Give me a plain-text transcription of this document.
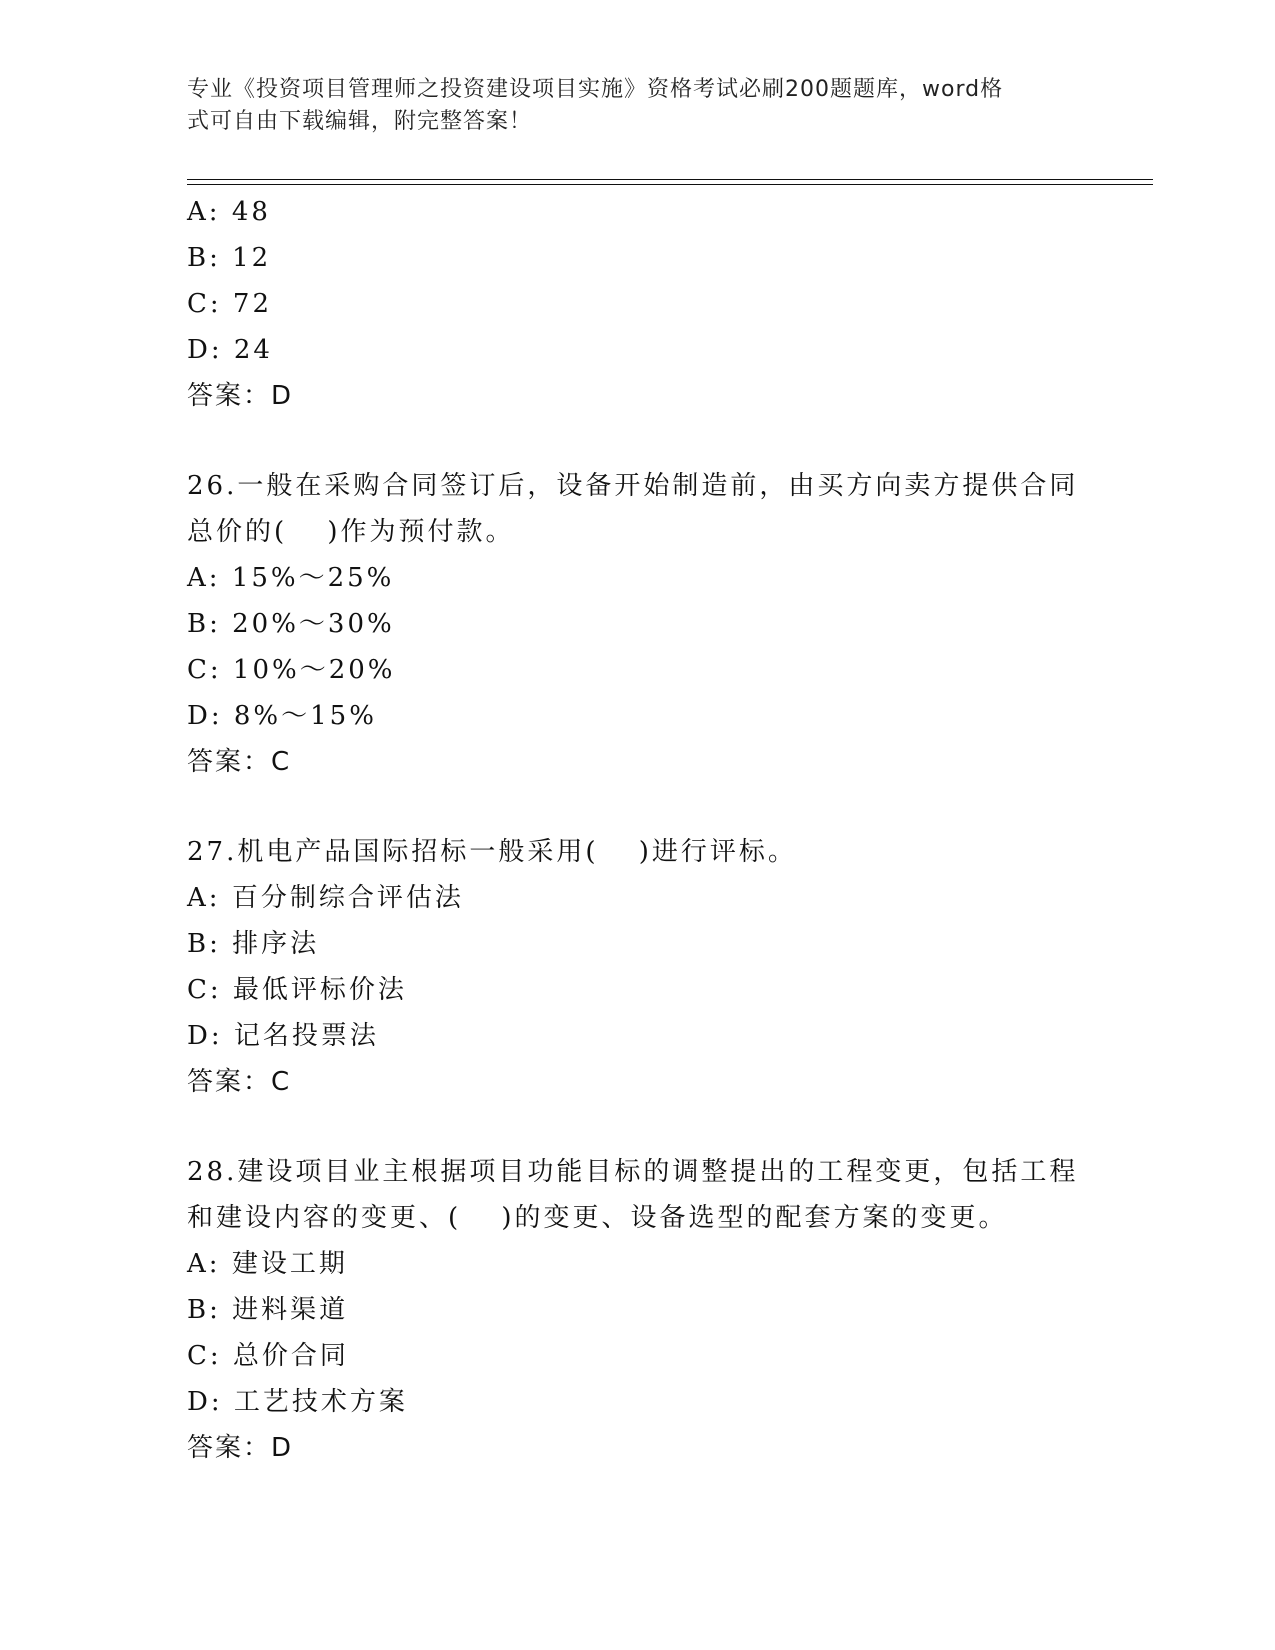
专业《投资项目管理师之投资建设项目实施》资格考试必刷200题题库，word格
式可自由下载编辑，附完整答案！
A: 48
B: 12
C: 72
D: 24
答案：D
26.一般在采购合同签订后，设备开始制造前，由买方向卖方提供合同
总价的(　 )作为预付款。
A: 15%～25%
B: 20%～30%
C: 10%～20%
D: 8%～15%
答案：C
27.机电产品国际招标一般采用(　 )进行评标。
A: 百分制综合评估法
B: 排序法
C: 最低评标价法
D: 记名投票法
答案：C
28.建设项目业主根据项目功能目标的调整提出的工程变更，包括工程
和建设内容的变更、(　 )的变更、设备选型的配套方案的变更。
A: 建设工期
B: 进料渠道
C: 总价合同
D: 工艺技术方案
答案：D
